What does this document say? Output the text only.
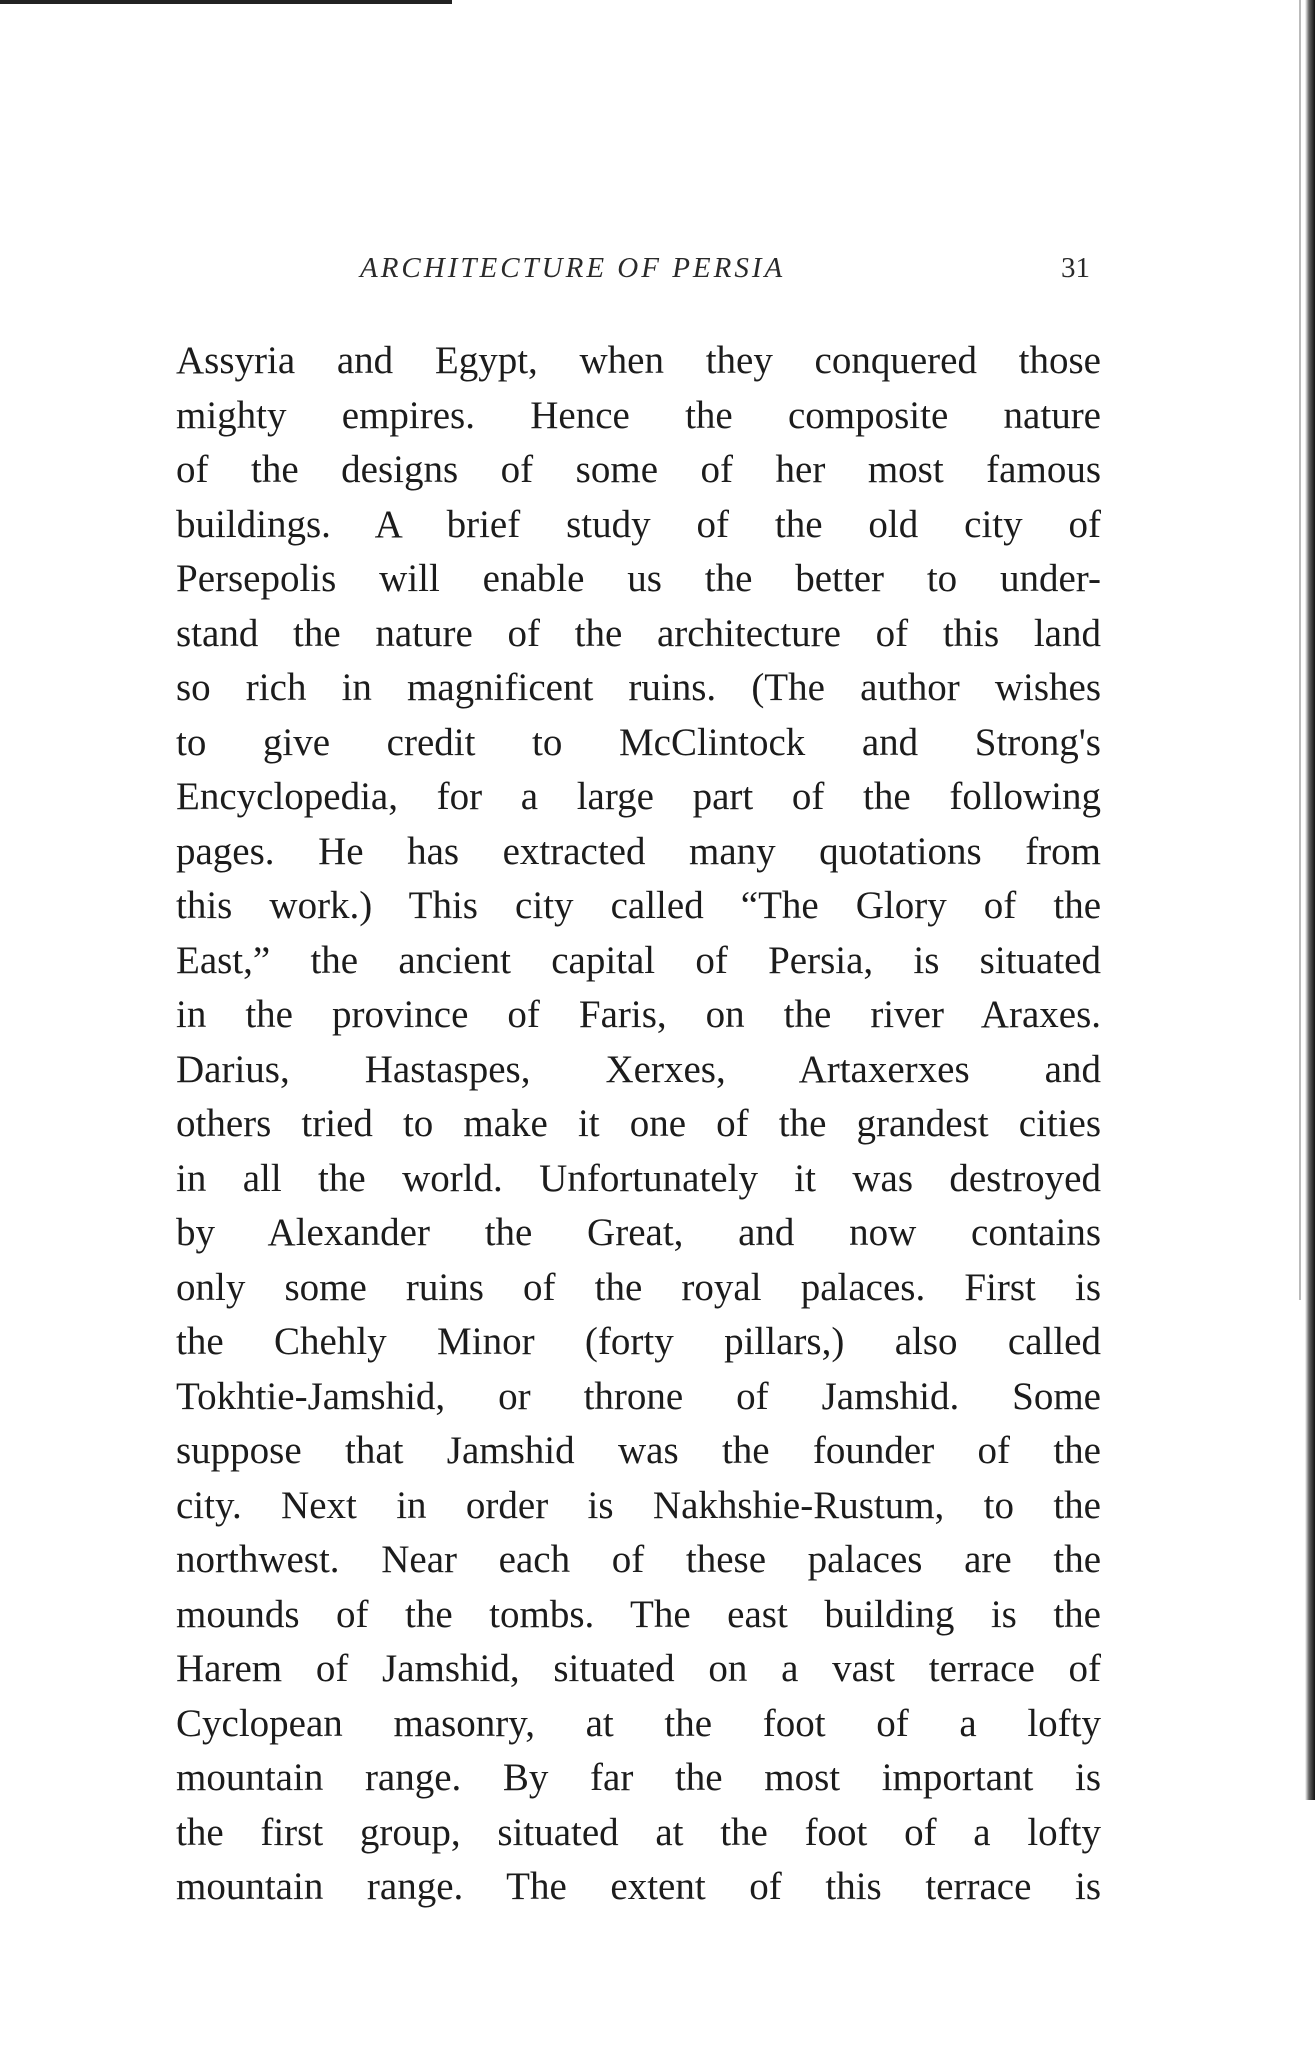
ARCHITECTURE OF PERSIA	31
Assyria and Egypt, when they conquered those
mighty empires. Hence the composite nature
of the designs of some of her most famous
buildings. A brief study of the old city of
Persepolis will enable us the better to under-
stand the nature of the architecture of this land
so rich in magnificent ruins. (The author wishes
to give credit to McClintock and Strong's
Encyclopedia, for a large part of the following
pages. He has extracted many quotations from
this work.) This city called “The Glory of the
East,” the ancient capital of Persia, is situated
in the province of Faris, on the river Araxes.
Darius, Hastaspes, Xerxes, Artaxerxes and
others tried to make it one of the grandest cities
in all the world. Unfortunately it was destroyed
by Alexander the Great, and now contains
only some ruins of the royal palaces. First is
the Chehly Minor (forty pillars,) also called
Tokhtie-Jamshid, or throne of Jamshid. Some
suppose that Jamshid was the founder of the
city. Next in order is Nakhshie-Rustum, to the
northwest. Near each of these palaces are the
mounds of the tombs. The east building is the
Harem of Jamshid, situated on a vast terrace of
Cyclopean masonry, at the foot of a lofty
mountain range. By far the most important is
the first group, situated at the foot of a lofty
mountain range. The extent of this terrace is
